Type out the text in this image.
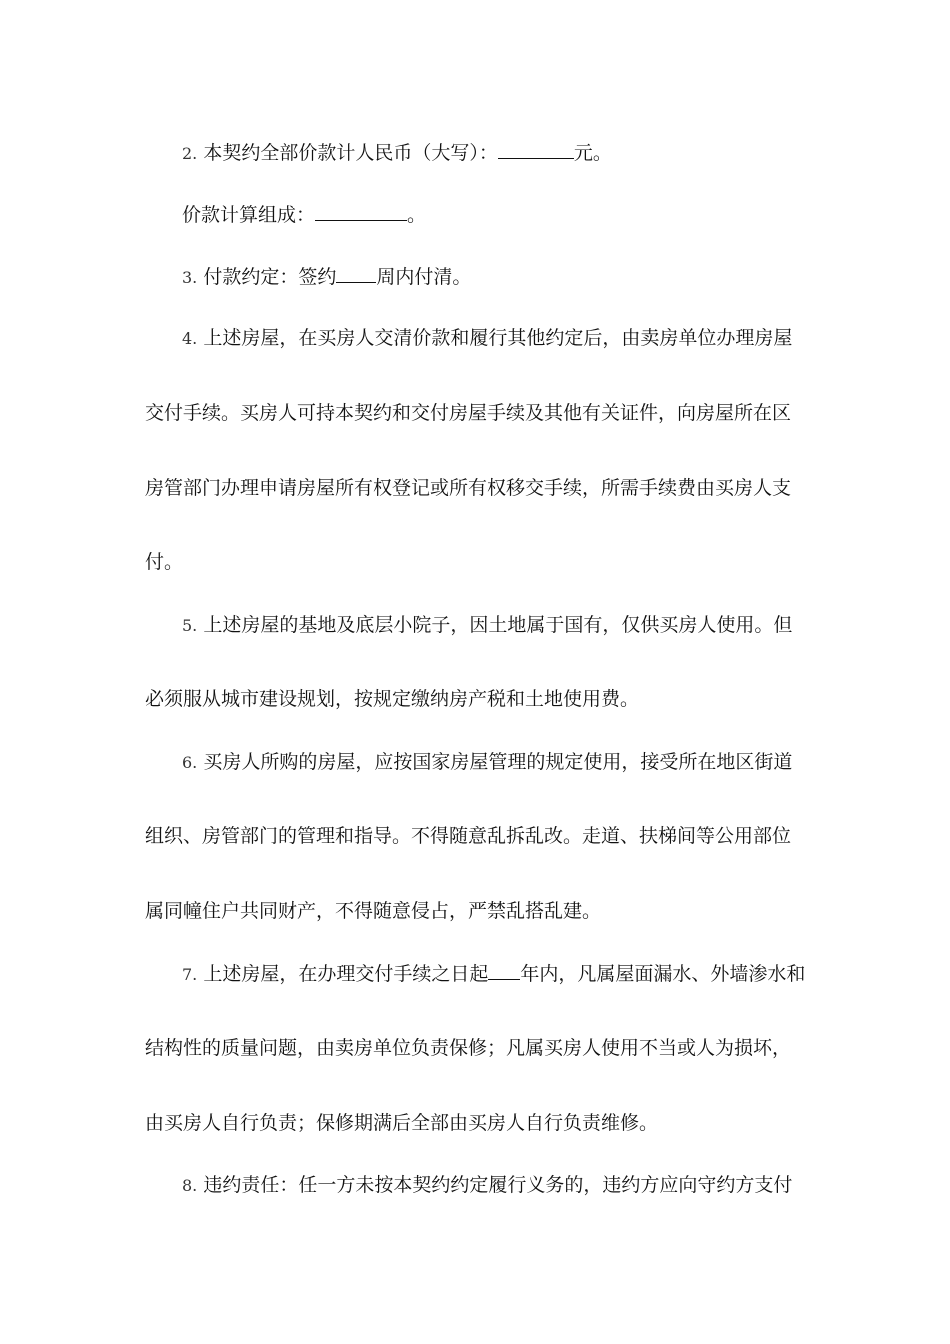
2. 本契约全部价款计人民币（大写）：	元。
价款计算组成：	。
3. 付款约定：签约 周内付清。
4. 上述房屋，在买房人交清价款和履行其他约定后，由卖房单位办理房屋
交付手续。买房人可持本契约和交付房屋手续及其他有关证件，向房屋所在区
房管部门办理申请房屋所有权登记或所有权移交手续，所需手续费由买房人支
付。
5. 上述房屋的基地及底层小院子，因土地属于国有，仅供买房人使用。但
必须服从城市建设规划，按规定缴纳房产税和土地使用费。
6. 买房人所购的房屋，应按国家房屋管理的规定使用，接受所在地区街道
组织、房管部门的管理和指导。不得随意乱拆乱改。走道、扶梯间等公用部位
属同幢住户共同财产，不得随意侵占，严禁乱搭乱建。
7. 上述房屋，在办理交付手续之日起 年内，凡属屋面漏水、外墙渗水和
结构性的质量问题，由卖房单位负责保修；凡属买房人使用不当或人为损坏，
由买房人自行负责；保修期满后全部由买房人自行负责维修。
8. 违约责任：任一方未按本契约约定履行义务的，违约方应向守约方支付
